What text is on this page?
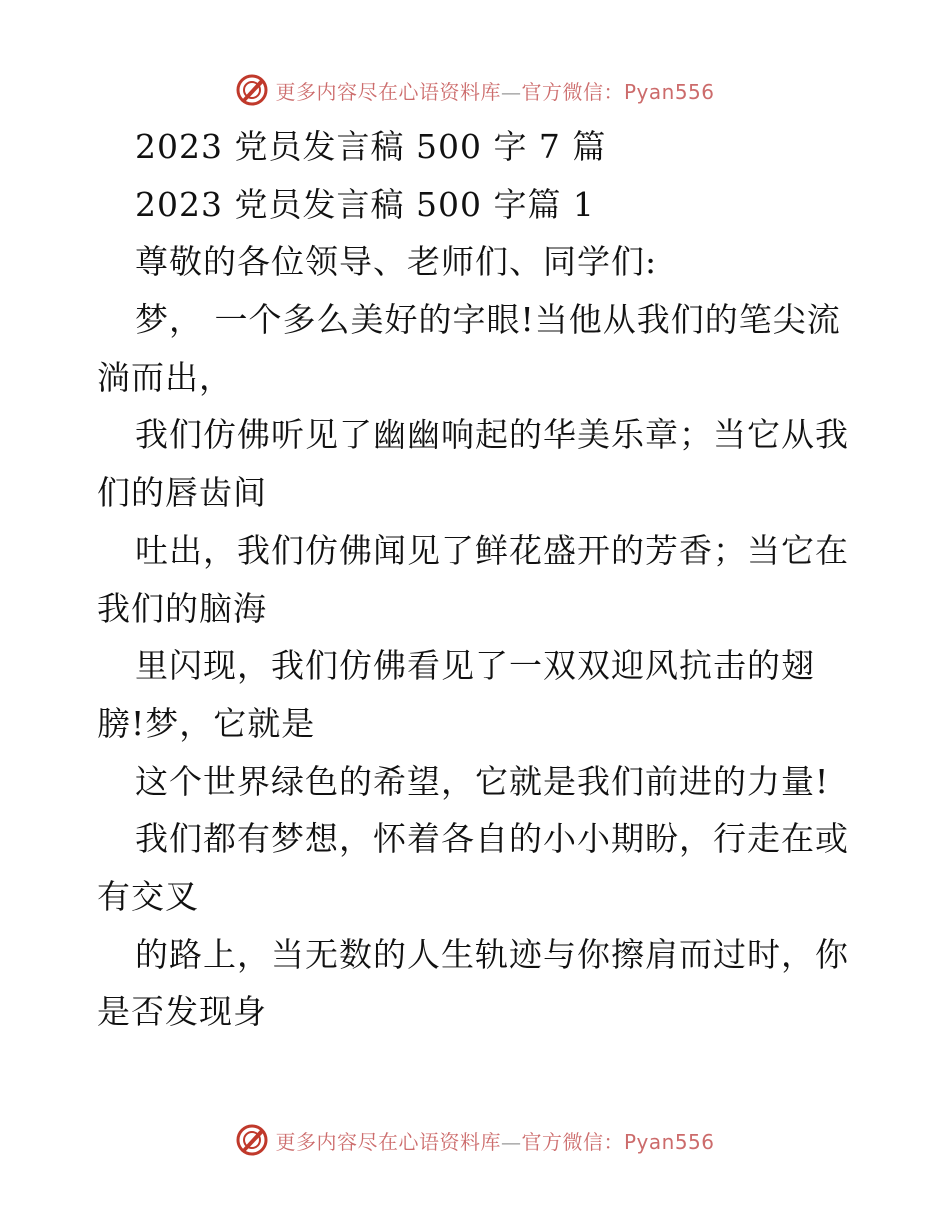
更多内容尽在心语资料库—官方微信：Pyan556
2023 党员发言稿 500 字 7 篇
2023 党员发言稿 500 字篇 1
尊敬的各位领导、老师们、同学们:
梦， 一个多么美好的字眼!当他从我们的笔尖流
淌而出，
我们仿佛听见了幽幽响起的华美乐章；当它从我
们的唇齿间
吐出，我们仿佛闻见了鲜花盛开的芳香；当它在
我们的脑海
里闪现，我们仿佛看见了一双双迎风抗击的翅
膀!梦，它就是
这个世界绿色的希望，它就是我们前进的力量!
我们都有梦想，怀着各自的小小期盼，行走在或
有交叉
的路上，当无数的人生轨迹与你擦肩而过时，你
是否发现身
更多内容尽在心语资料库—官方微信：Pyan556
